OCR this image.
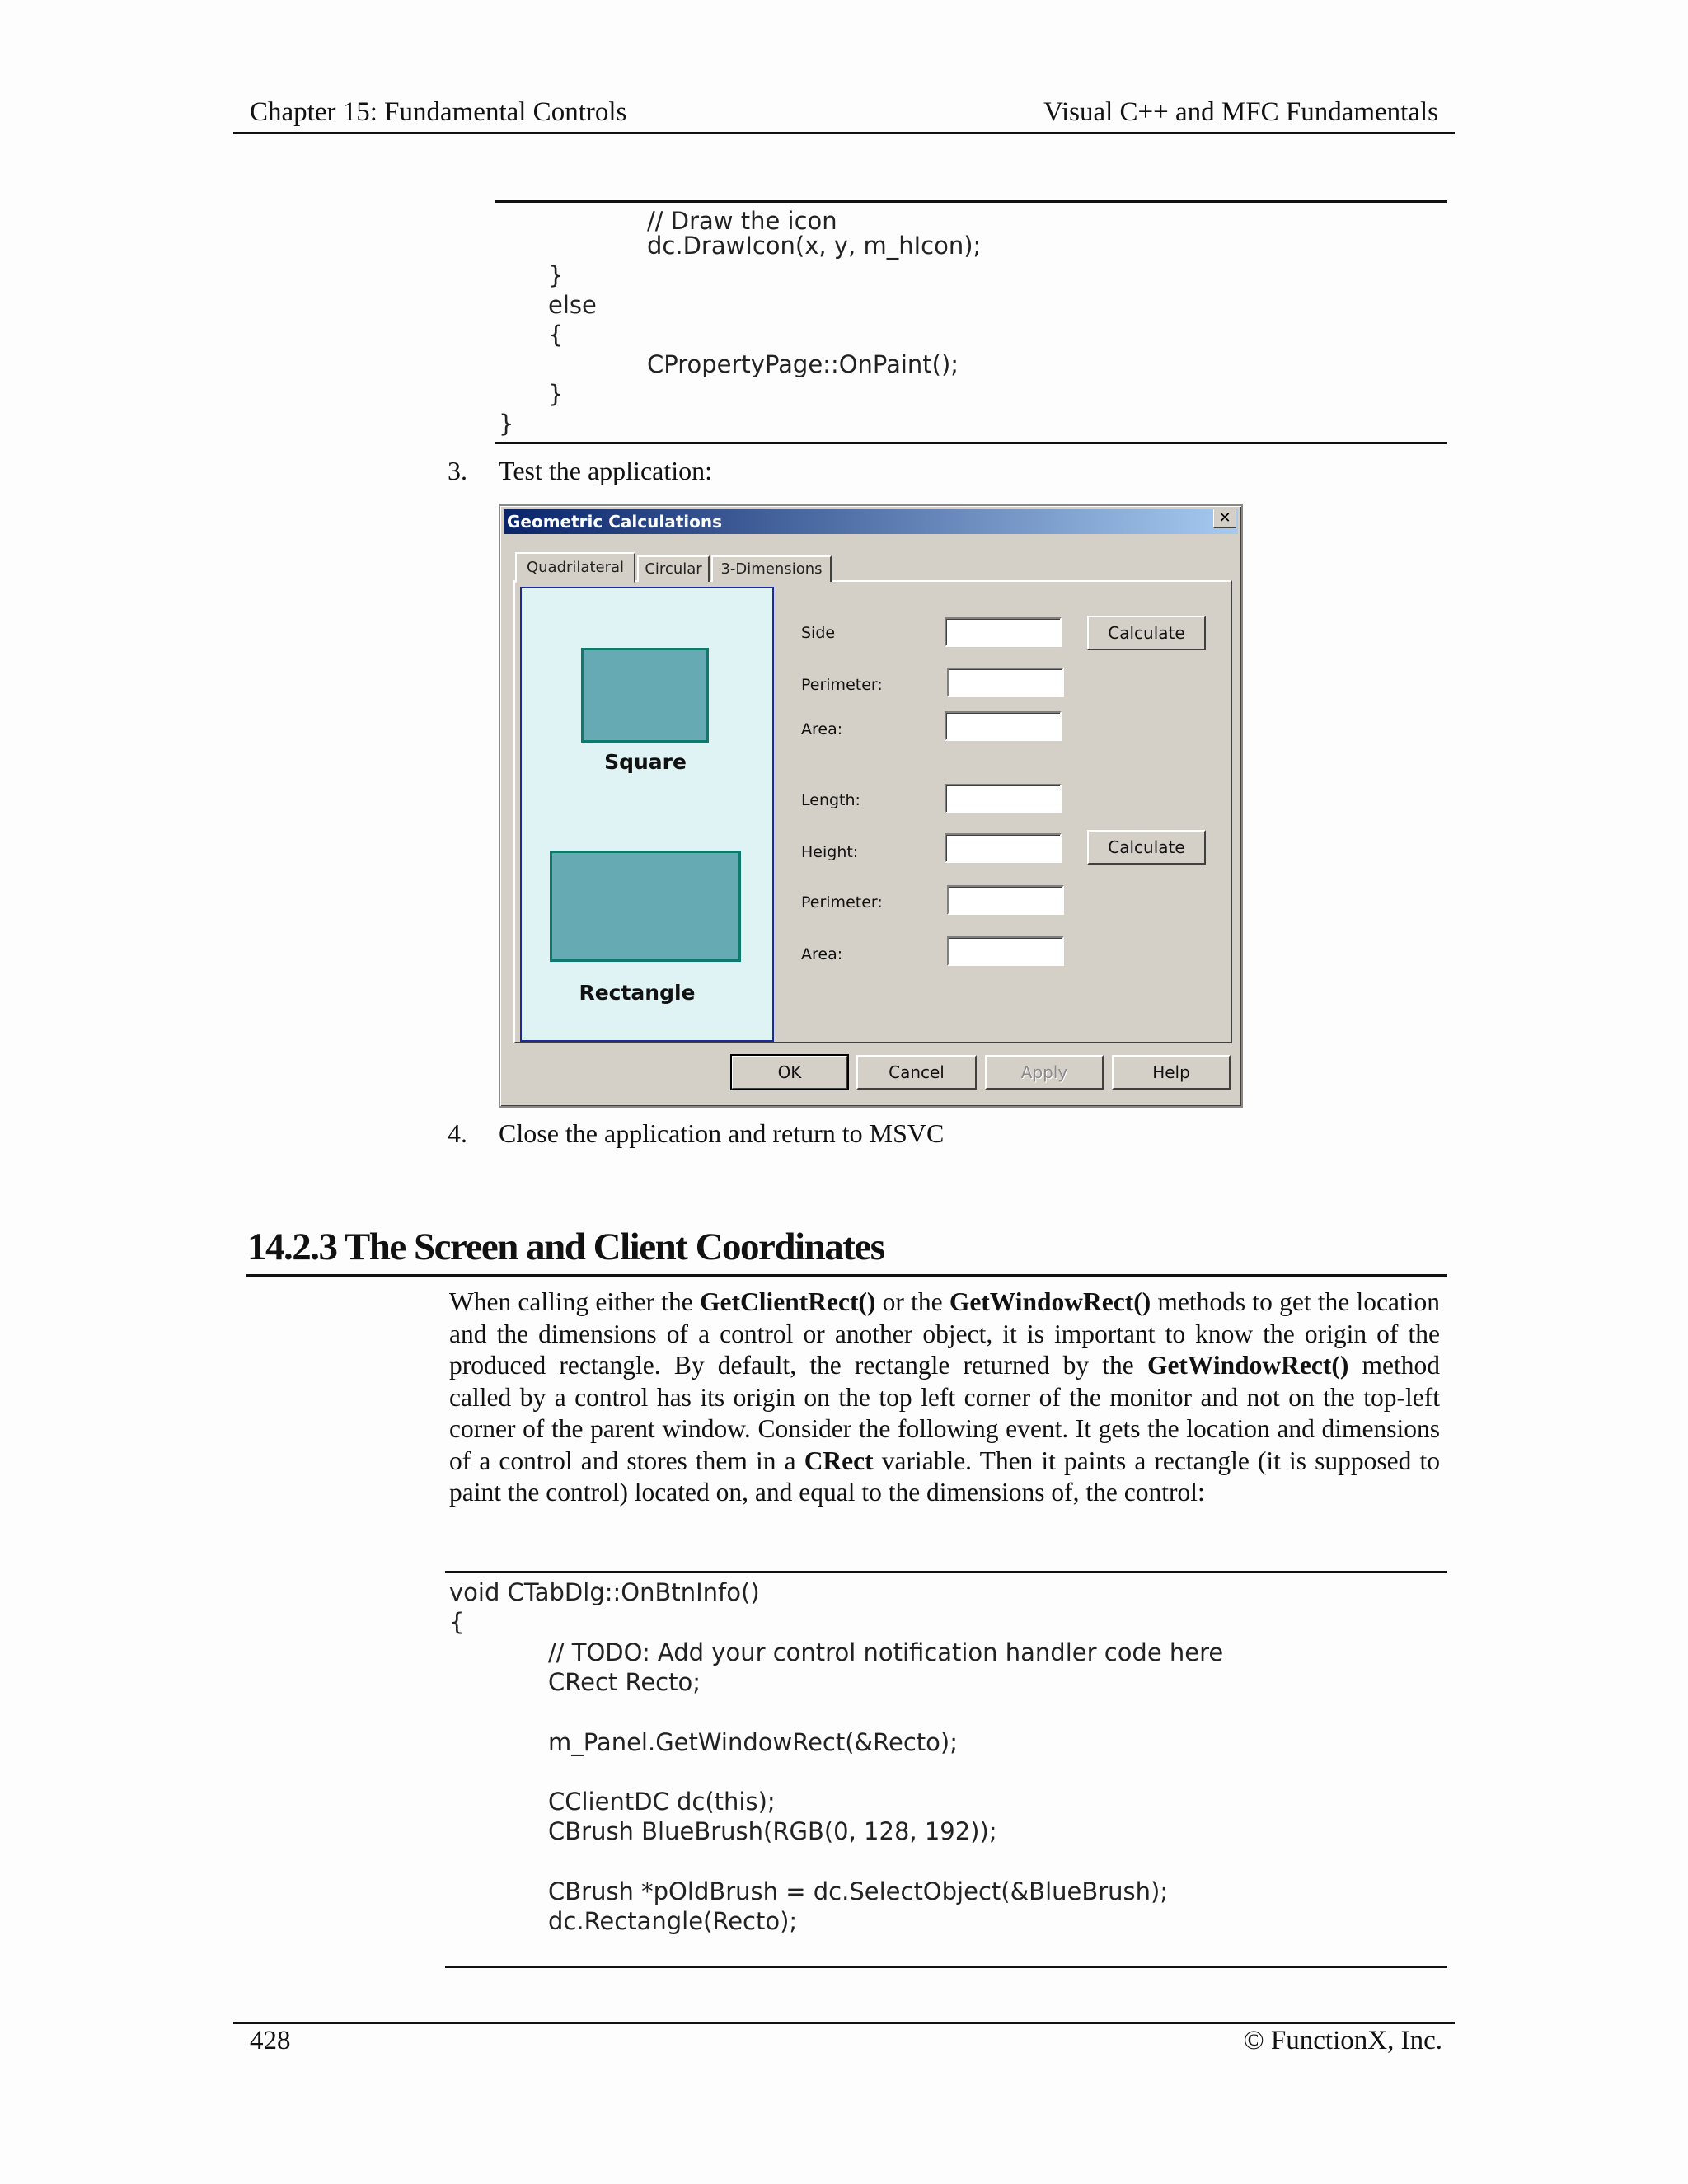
Chapter 15: Fundamental Controls	Visual C++ and MFC Fundamentals
// Draw the icon
dc.DrawIcon(x, y, m_hIcon);
}
else
{
CPropertyPage::OnPaint();
}
}
3. Test the application:
Geometric Calculations	✕
Quadrilateral	Circular	3-Dimensions
Square
Rectangle
Side	Calculate
Perimeter:
Area:
Length:
Height:	Calculate
Perimeter:
Area:
OK	Cancel	Apply	Help
4. Close the application and return to MSVC
14.2.3 The Screen and Client Coordinates
When calling either the GetClientRect() or the GetWindowRect() methods to get the location and the dimensions of a control or another object, it is important to know the origin of the produced rectangle. By default, the rectangle returned by the GetWindowRect() method called by a control has its origin on the top left corner of the monitor and not on the top-left corner of the parent window. Consider the following event. It gets the location and dimensions of a control and stores them in a CRect variable. Then it paints a rectangle (it is supposed to paint the control) located on, and equal to the dimensions of, the control:
void CTabDlg::OnBtnInfo()
{
// TODO: Add your control notification handler code here
CRect Recto;
m_Panel.GetWindowRect(&Recto);
CClientDC dc(this);
CBrush BlueBrush(RGB(0, 128, 192));
CBrush *pOldBrush = dc.SelectObject(&BlueBrush);
dc.Rectangle(Recto);
428	© FunctionX, Inc.
